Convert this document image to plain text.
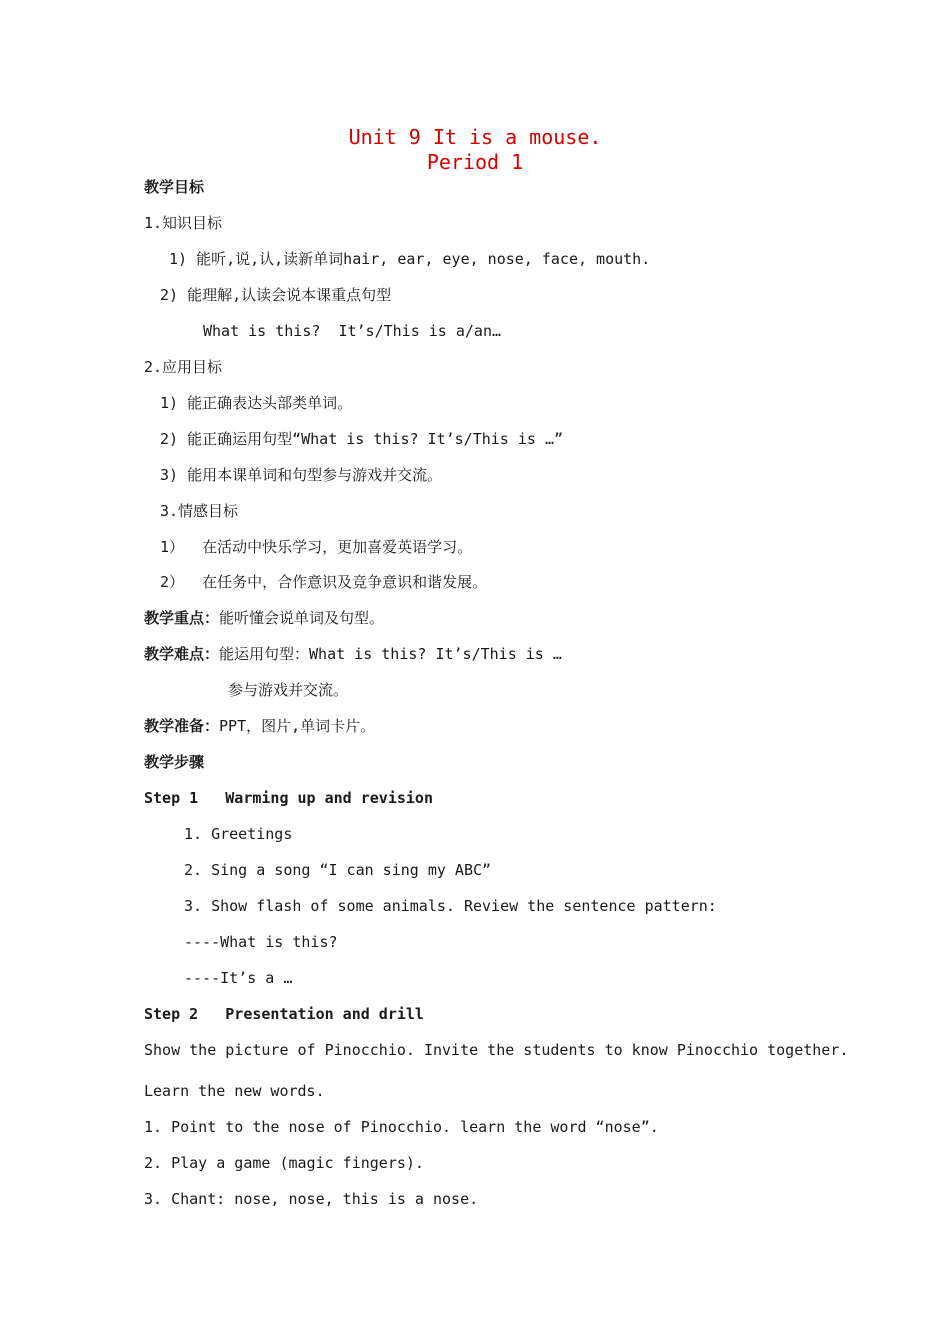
Unit 9 It is a mouse.
Period 1
教学目标
1.知识目标
1) 能听,说,认,读新单词hair, ear, eye, nose, face, mouth.
2) 能理解,认读会说本课重点句型
What is this?  It’s/This is a/an…
2.应用目标
1) 能正确表达头部类单词。
2) 能正确运用句型“What is this? It’s/This is …”
3) 能用本课单词和句型参与游戏并交流。
3.情感目标
1）  在活动中快乐学习，更加喜爱英语学习。
2）  在任务中，合作意识及竞争意识和谐发展。
教学重点：能听懂会说单词及句型。
教学难点：能运用句型：What is this? It’s/This is …
参与游戏并交流。
教学准备：PPT，图片,单词卡片。
教学步骤
Step 1   Warming up and revision
1. Greetings
2. Sing a song “I can sing my ABC”
3. Show flash of some animals. Review the sentence pattern:
----What is this?
----It’s a …
Step 2   Presentation and drill
Show the picture of Pinocchio. Invite the students to know Pinocchio together.
Learn the new words.
1. Point to the nose of Pinocchio. learn the word “nose”.
2. Play a game (magic fingers).
3. Chant: nose, nose, this is a nose.
